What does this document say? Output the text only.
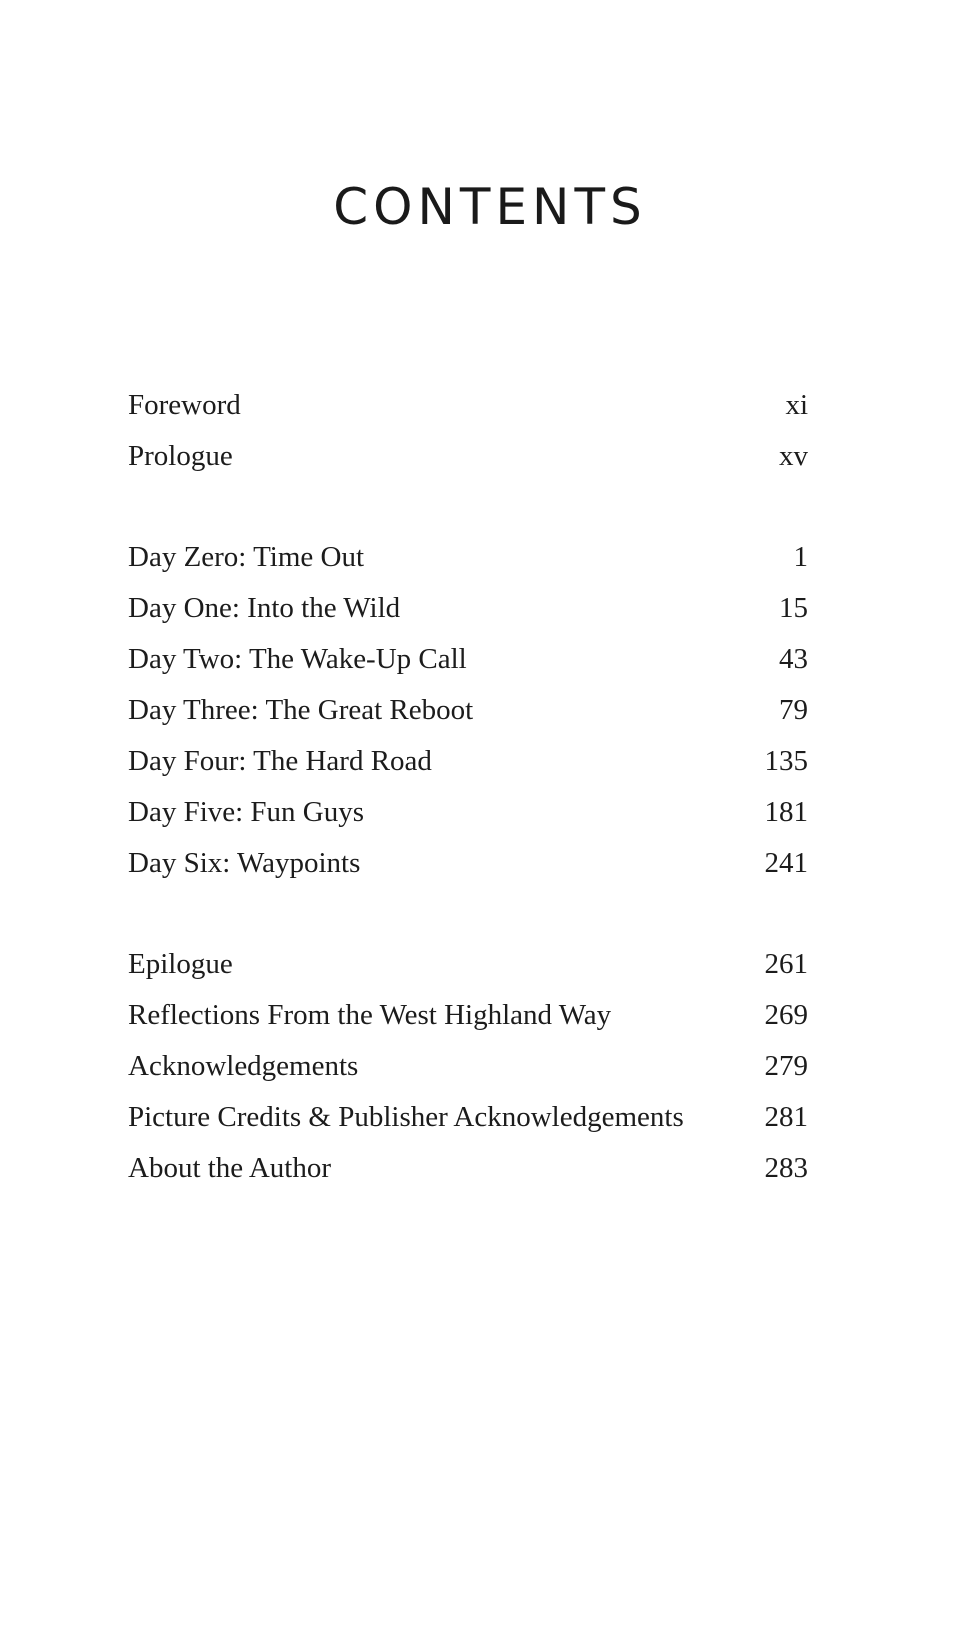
CONTENTS
Foreword	xi
Prologue	xv
Day Zero: Time Out	1
Day One: Into the Wild	15
Day Two: The Wake-Up Call	43
Day Three: The Great Reboot	79
Day Four: The Hard Road	135
Day Five: Fun Guys	181
Day Six: Waypoints	241
Epilogue	261
Reflections From the West Highland Way	269
Acknowledgements	279
Picture Credits & Publisher Acknowledgements	281
About the Author	283
